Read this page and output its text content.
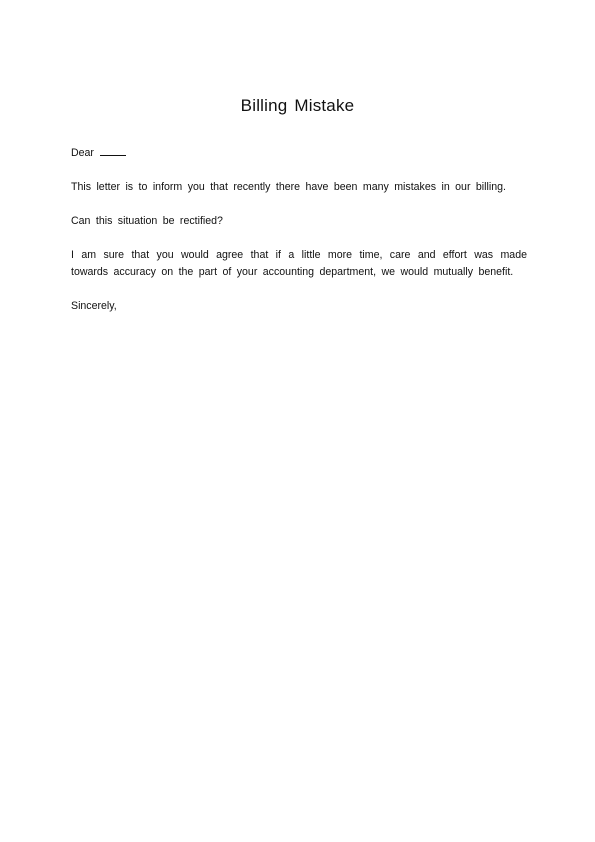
Billing Mistake

Dear

This letter is to inform you that recently there have been many mistakes in our billing.

Can this situation be rectified?

I am sure that you would agree that if a little more time, care and effort was made towards accuracy on the part of your accounting department, we would mutually benefit.

Sincerely,
